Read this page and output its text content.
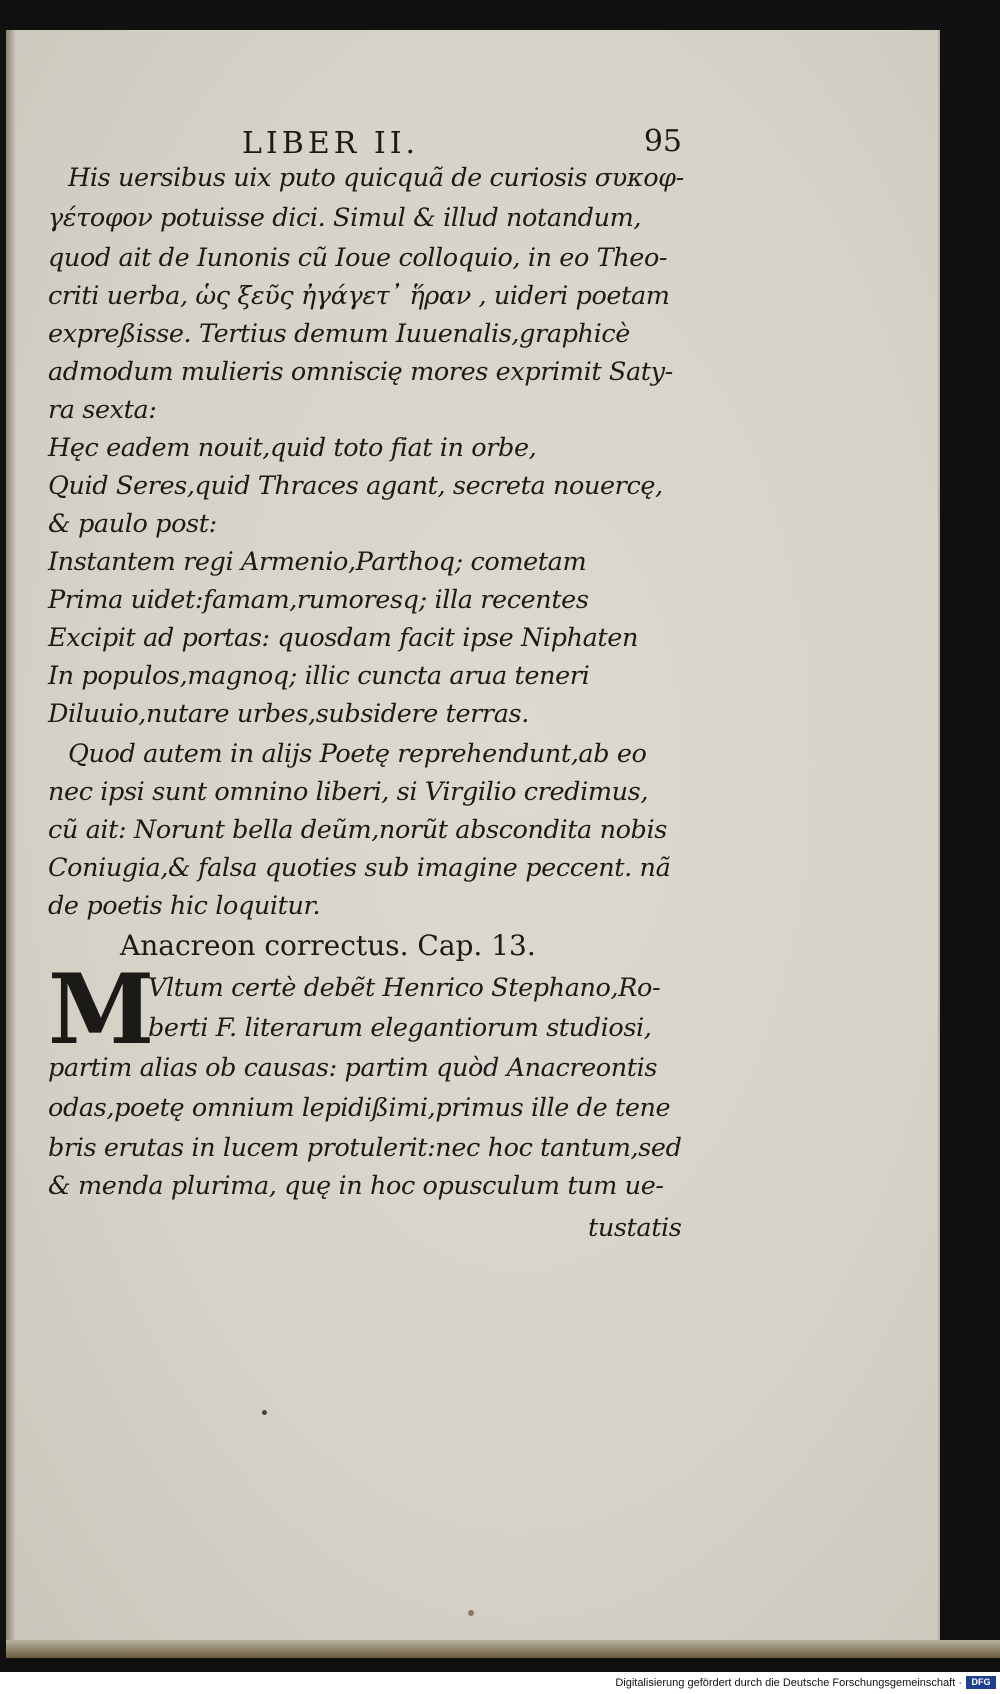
LIBER II.	95
His uersibus uix puto quicquã de curiosis συκοφ-
γέτοφον potuisse dici. Simul & illud notandum,
quod ait de Iunonis cũ Ioue colloquio, in eo Theo-
criti uerba, ὡς ξεῦς ἠγάγετ᾽ ἥραν , uideri poetam
expreßisse. Tertius demum Iuuenalis,graphicè
admodum mulieris omniscię mores exprimit Saty-
ra sexta:
Hęc eadem nouit,quid toto fiat in orbe,
Quid Seres,quid Thraces agant, secreta nouercę,
& paulo post:
Instantem regi Armenio,Parthoq; cometam
Prima uidet:famam,rumoresq; illa recentes
Excipit ad portas: quosdam facit ipse Niphaten
In populos,magnoq; illic cuncta arua teneri
Diluuio,nutare urbes,subsidere terras.
Quod autem in alijs Poetę reprehendunt,ab eo
nec ipsi sunt omnino liberi, si Virgilio credimus,
cũ ait: Norunt bella deũm,norũt abscondita nobis
Coniugia,& falsa quoties sub imagine peccent. nã
de poetis hic loquitur.
Anacreon correctus. Cap. 13.
M
Vltum certè debẽt Henrico Stephano,Ro-
berti F. literarum elegantiorum studiosi,
partim alias ob causas: partim quòd Anacreontis
odas,poetę omnium lepidißimi,primus ille de tene
bris erutas in lucem protulerit:nec hoc tantum,sed
& menda plurima, quę in hoc opusculum tum ue-
tustatis
Digitalisierung gefördert durch die Deutsche Forschungsgemeinschaft ·	DFG
